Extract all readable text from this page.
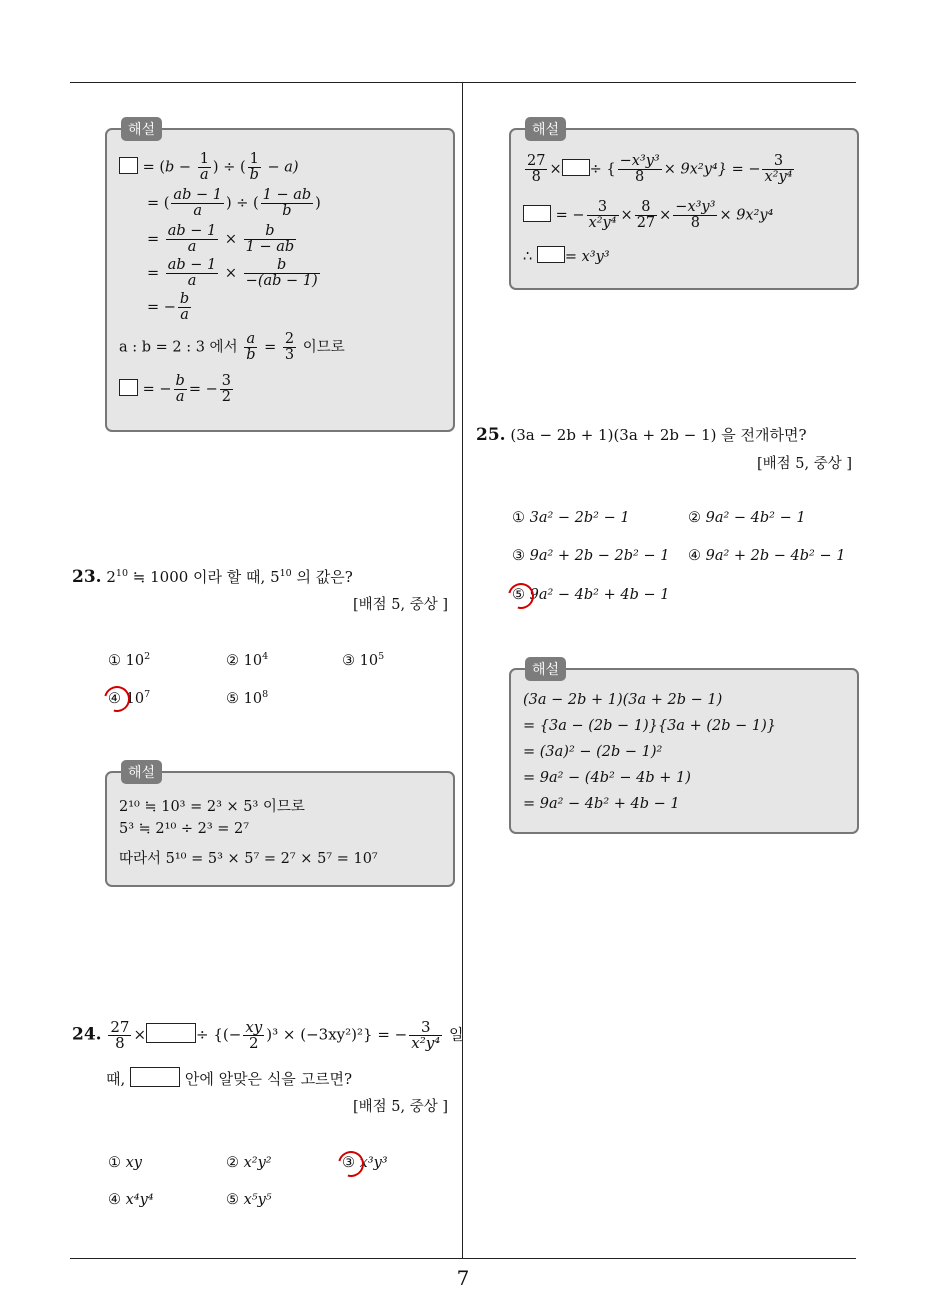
7
해설
= ($b - \frac{1}{a}$ ) ÷ ( $\frac{1}{b} - a$)
= ( $\frac{ab - 1}{a}$ ) ÷ ( $\frac{1 - ab}{b}$ )
= $\frac{ab - 1}{a} \times \frac{b}{1 - ab}$
= $\frac{ab - 1}{a} \times \frac{b}{-(ab - 1)}$
= − $\frac{b}{a}$
a : b = 2 : 3 에서 $\frac{a}{b} = \frac{2}{3}$ 이므로
= − $\frac{b}{a}$ = − $\frac{3}{2}$
23. $2^{10}$ ≒ 1000 이라 할 때, $5^{10}$ 의 값은?
[배점 5, 중상 ]
① $10^2$	② $10^4$	③ $10^5$
④ $10^7$	⑤ $10^8$
해설
2¹⁰ ≒ 10³ = 2³ × 5³ 이므로
5³ ≒ 2¹⁰ ÷ 2³ = 2⁷
따라서 5¹⁰ = 5³ × 5⁷ = 2⁷ × 5⁷ = 10⁷
24. $\frac{27}{8}$ ×	÷ {(− $\frac{xy}{2} )^3 \times (-3xy^2)^2$} = − $\frac{3}{\text{x²y⁴}}$ 일
때,	안에 알맞은 식을 고르면?
[배점 5, 중상 ]
① xy	② x²y²	③ x³y³
④ x⁴y⁴	⑤ x⁵y⁵
해설
$\frac{27}{8}$ × ÷ { $\frac{\text{−x³y³}}{8} \times 9x^2y^4$} = − $\frac{3}{\text{x²y⁴}}$
= − $\frac{3}{\text{x²y⁴}} \times \frac{8}{27} \times \frac{\text{−x³y³}}{8} \times 9x^2y^4$
∴ = x³y³
25. (3a − 2b + 1)(3a + 2b − 1) 을 전개하면?
[배점 5, 중상 ]
① 3a² − 2b² − 1	② 9a² − 4b² − 1
③ 9a² + 2b − 2b² − 1 ④ 9a² + 2b − 4b² − 1
⑤ 9a² − 4b² + 4b − 1
해설
(3a − 2b + 1)(3a + 2b − 1)
= {3a − (2b − 1)}{3a + (2b − 1)}
= (3a)² − (2b − 1)²
= 9a² − (4b² − 4b + 1)
= 9a² − 4b² + 4b − 1
